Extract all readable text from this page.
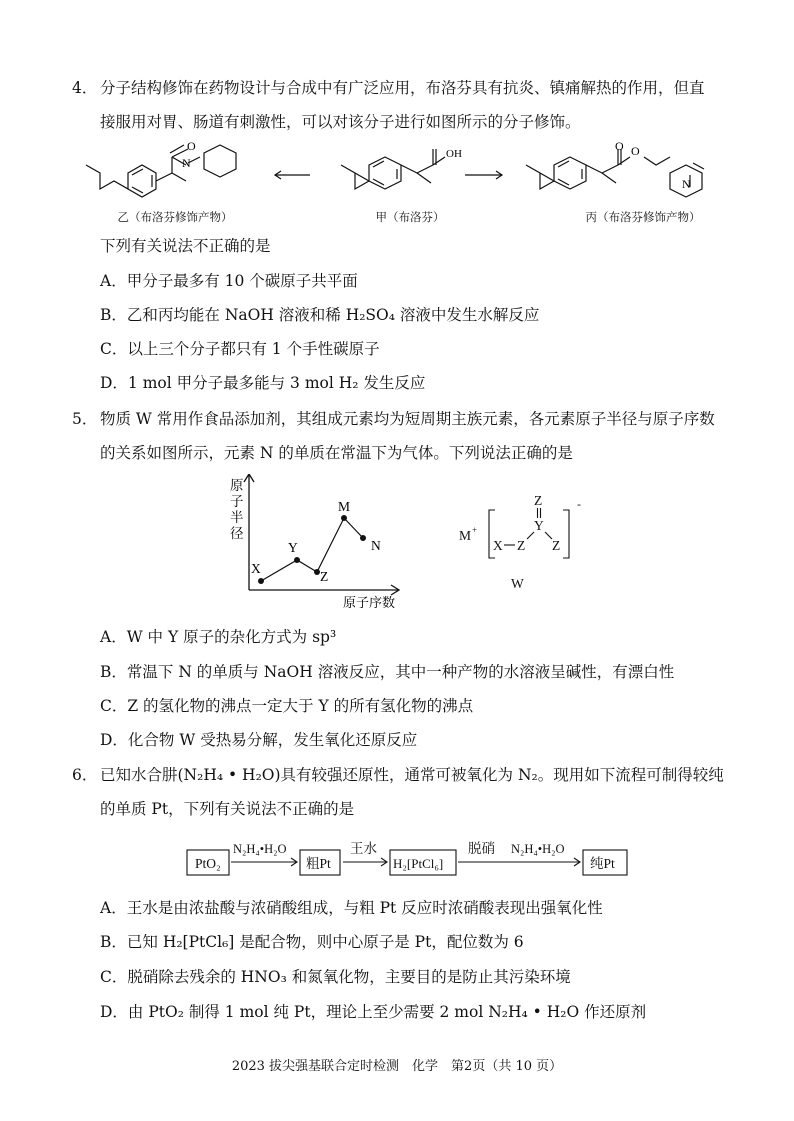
4． 分子结构修饰在药物设计与合成中有广泛应用，布洛芬具有抗炎、镇痛解热的作用，但直
接服用对胃、肠道有刺激性，可以对该分子进行如图所示的分子修饰。
O
N
OH	O
O
N
乙（布洛芬修饰产物）	甲（布洛芬）	丙（布洛芬修饰产物）
下列有关说法不正确的是
A．甲分子最多有 10 个碳原子共平面
B．乙和丙均能在 NaOH 溶液和稀 H₂SO₄ 溶液中发生水解反应
C．以上三个分子都只有 1 个手性碳原子
D．1 mol 甲分子最多能与 3 mol H₂ 发生反应
5． 物质 W 常用作食品添加剂，其组成元素均为短周期主族元素，各元素原子半径与原子序数
的关系如图所示，元素 N 的单质在常温下为气体。下列说法正确的是
原
子
半
径
X
Y
Z
M
N
原子序数
M +
Z
Y
X Z Z
-
W
A．W 中 Y 原子的杂化方式为 sp³
B．常温下 N 的单质与 NaOH 溶液反应，其中一种产物的水溶液呈碱性，有漂白性
C．Z 的氢化物的沸点一定大于 Y 的所有氢化物的沸点
D．化合物 W 受热易分解，发生氧化还原反应
6． 已知水合肼(N₂H₄ • H₂O)具有较强还原性，通常可被氧化为 N₂。现用如下流程可制得较纯
的单质 Pt，下列有关说法不正确的是
PtO₂
N₂H₄•H₂O
粗Pt
王水
H₂[PtCl₆]
脱硝 N₂H₄•H₂O
纯Pt
A．王水是由浓盐酸与浓硝酸组成，与粗 Pt 反应时浓硝酸表现出强氧化性
B．已知 H₂[PtCl₆] 是配合物，则中心原子是 Pt，配位数为 6
C．脱硝除去残余的 HNO₃ 和氮氧化物，主要目的是防止其污染环境
D．由 PtO₂ 制得 1 mol 纯 Pt，理论上至少需要 2 mol N₂H₄ • H₂O 作还原剂
2023 拔尖强基联合定时检测　化学　第2页（共 10 页）
